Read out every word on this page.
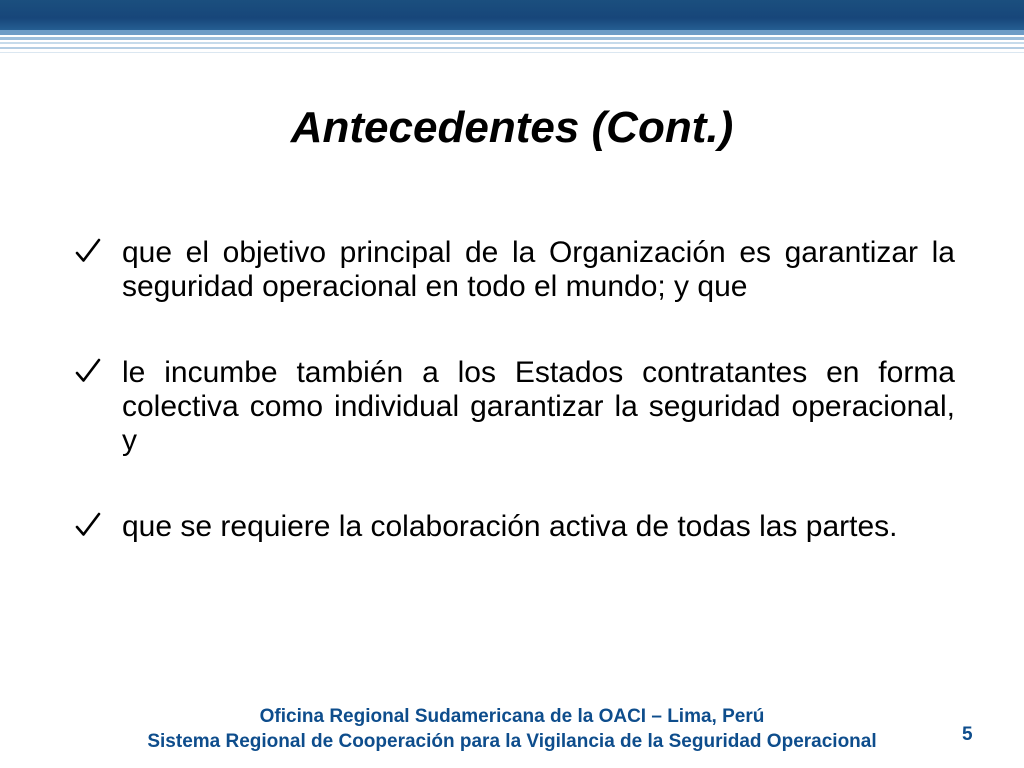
Antecedentes (Cont.)
que el objetivo principal de la Organización es garantizar la seguridad operacional en todo el mundo; y que
le incumbe también a los Estados contratantes en forma colectiva como individual garantizar la seguridad operacional, y
que se requiere la colaboración activa de todas las partes.
Oficina Regional Sudamericana de la OACI – Lima, Perú
Sistema Regional de Cooperación para la Vigilancia de la Seguridad Operacional	5
